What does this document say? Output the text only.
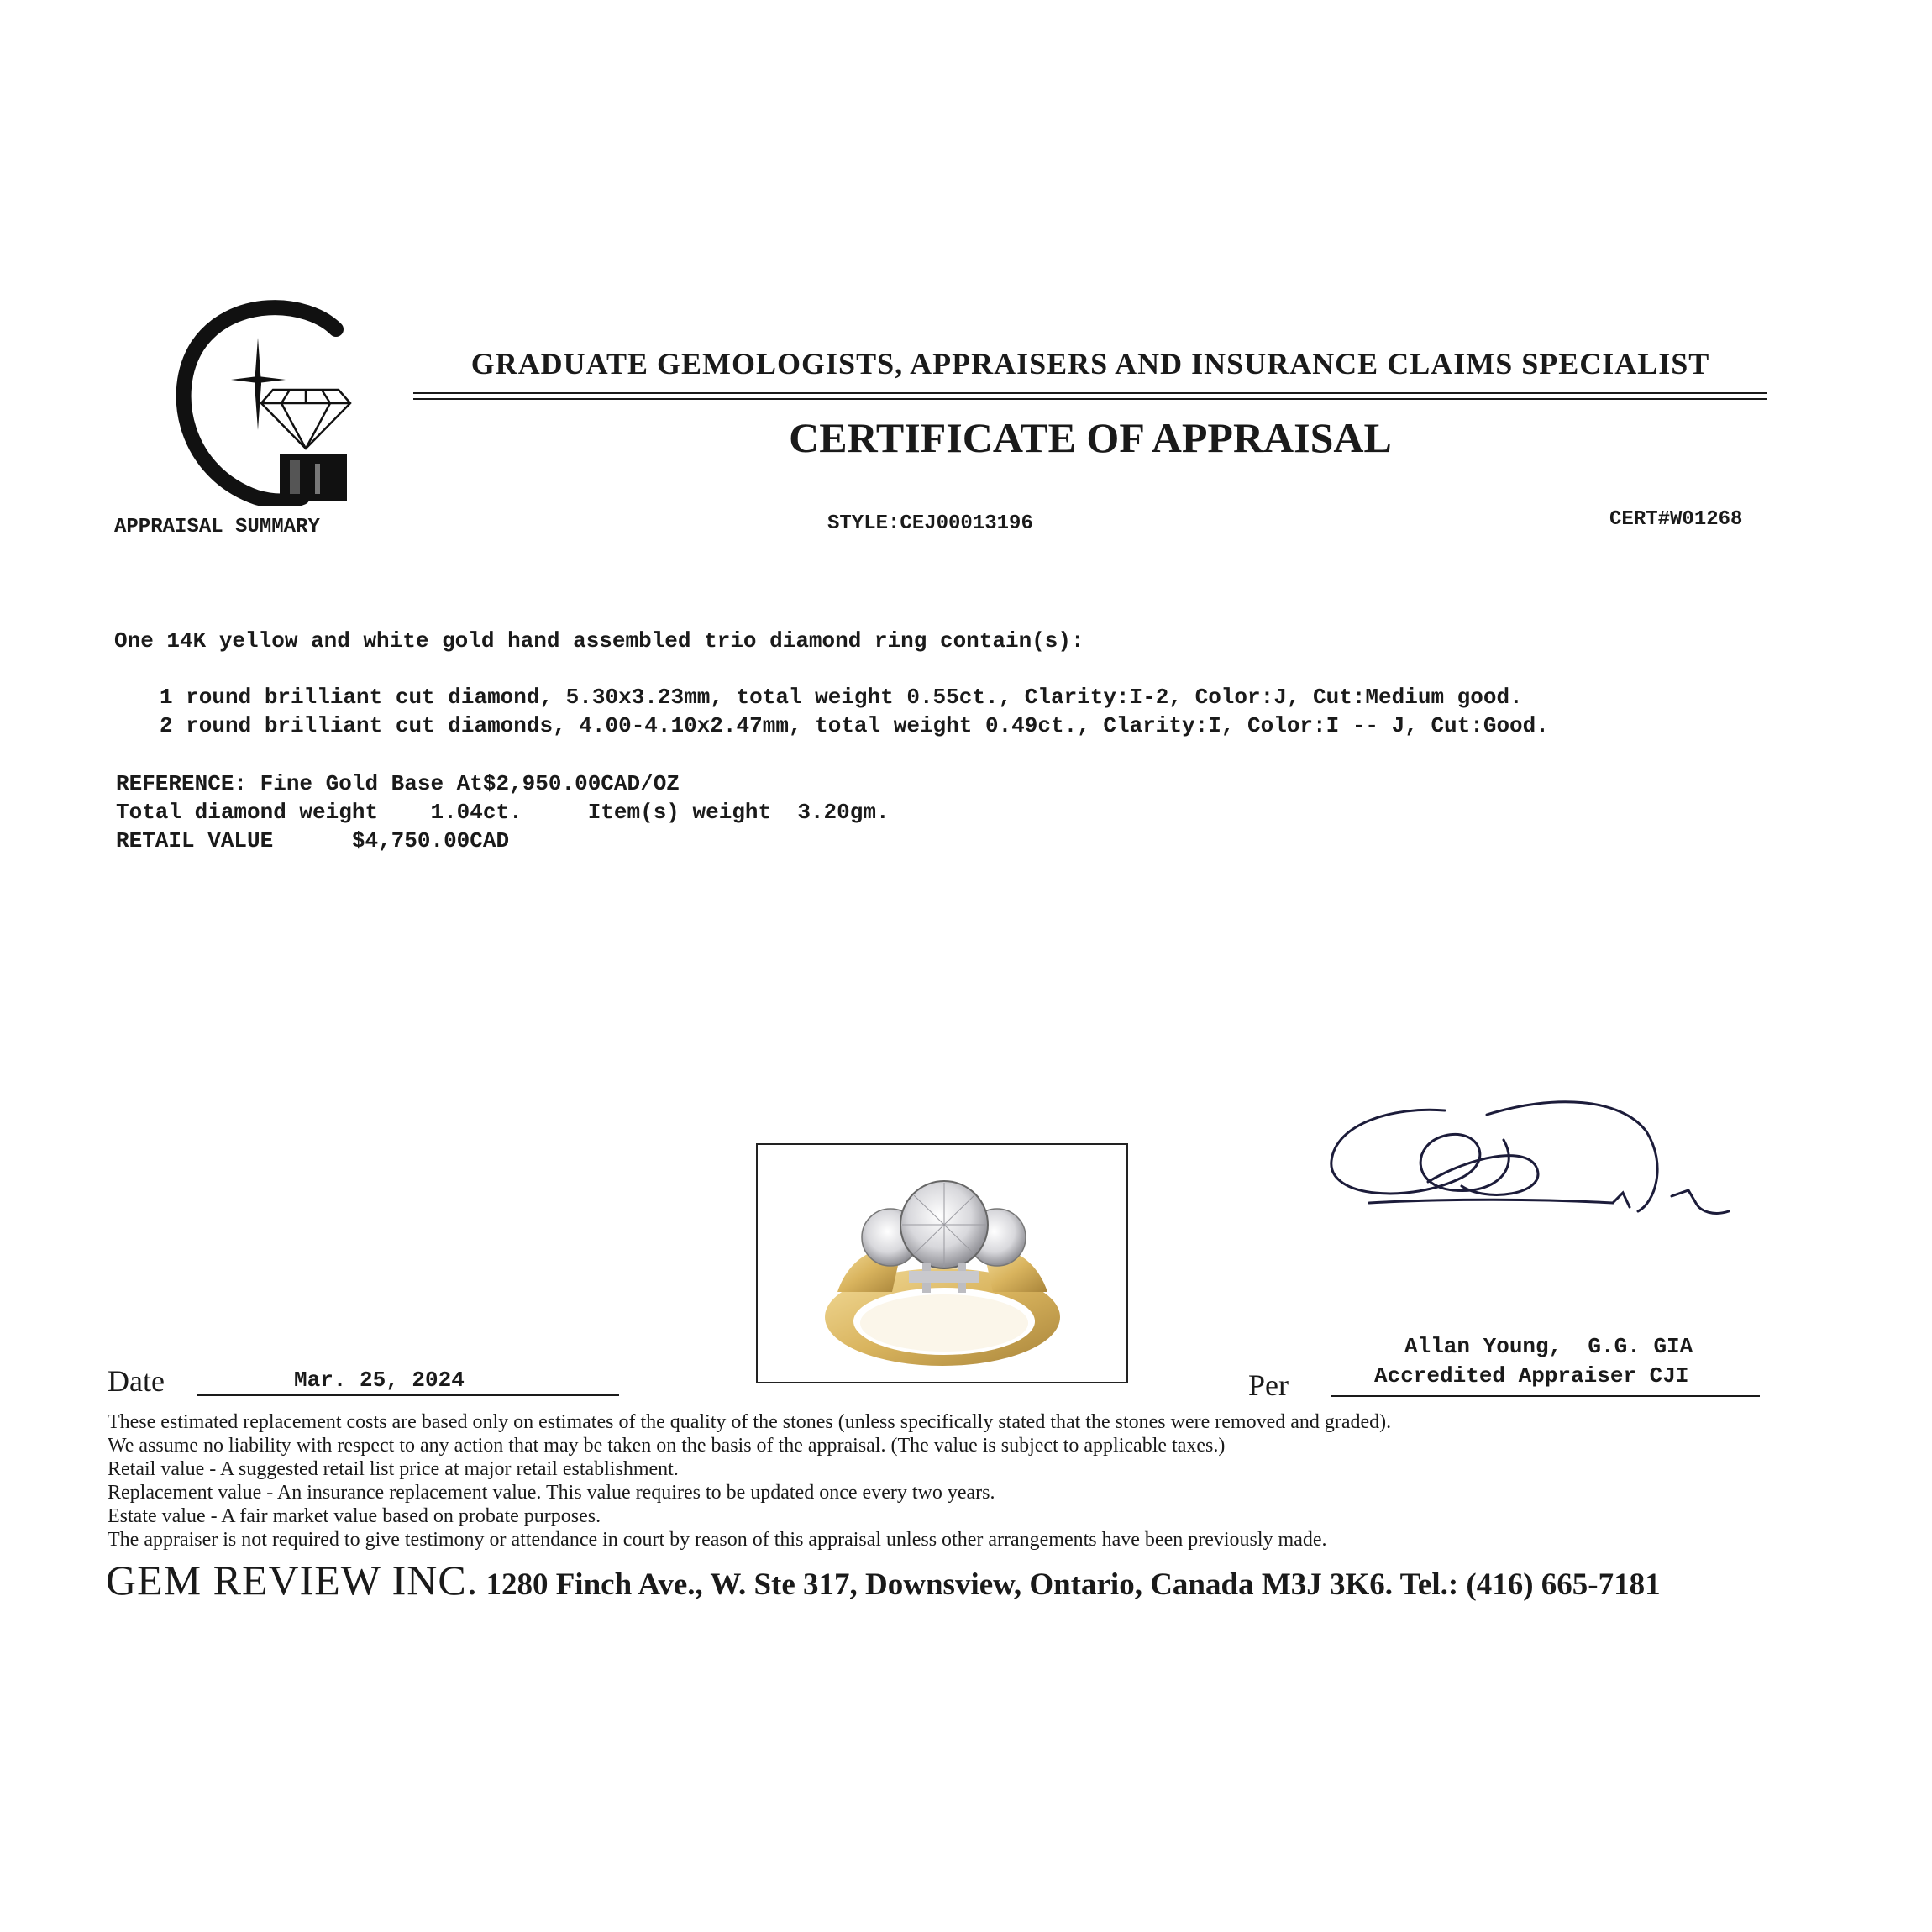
GRADUATE GEMOLOGISTS, APPRAISERS AND INSURANCE CLAIMS SPECIALIST
CERTIFICATE OF APPRAISAL
APPRAISAL SUMMARY	STYLE:CEJ00013196	CERT#W01268
One 14K yellow and white gold hand assembled trio diamond ring contain(s):
1 round brilliant cut diamond, 5.30x3.23mm, total weight 0.55ct., Clarity:I-2, Color:J, Cut:Medium good.
2 round brilliant cut diamonds, 4.00-4.10x2.47mm, total weight 0.49ct., Clarity:I, Color:I -- J, Cut:Good.
REFERENCE: Fine Gold Base At$2,950.00CAD/OZ
Total diamond weight    1.04ct.     Item(s) weight  3.20gm.
RETAIL VALUE      $4,750.00CAD
Date	Mar. 25, 2024
Allan Young,  G.G. GIA
Per	Accredited Appraiser CJI
These estimated replacement costs are based only on estimates of the quality of the stones (unless specifically stated that the stones were removed and graded).
We assume no liability with respect to any action that may be taken on the basis of the appraisal. (The value is subject to applicable taxes.)
Retail value - A suggested retail list price at major retail establishment.
Replacement value - An insurance replacement value. This value requires to be updated once every two years.
Estate value - A fair market value based on probate purposes.
The appraiser is not required to give testimony or attendance in court by reason of this appraisal unless other arrangements have been previously made.
GEM REVIEW INC. 1280 Finch Ave., W. Ste 317, Downsview, Ontario, Canada M3J 3K6. Tel.: (416) 665-7181
